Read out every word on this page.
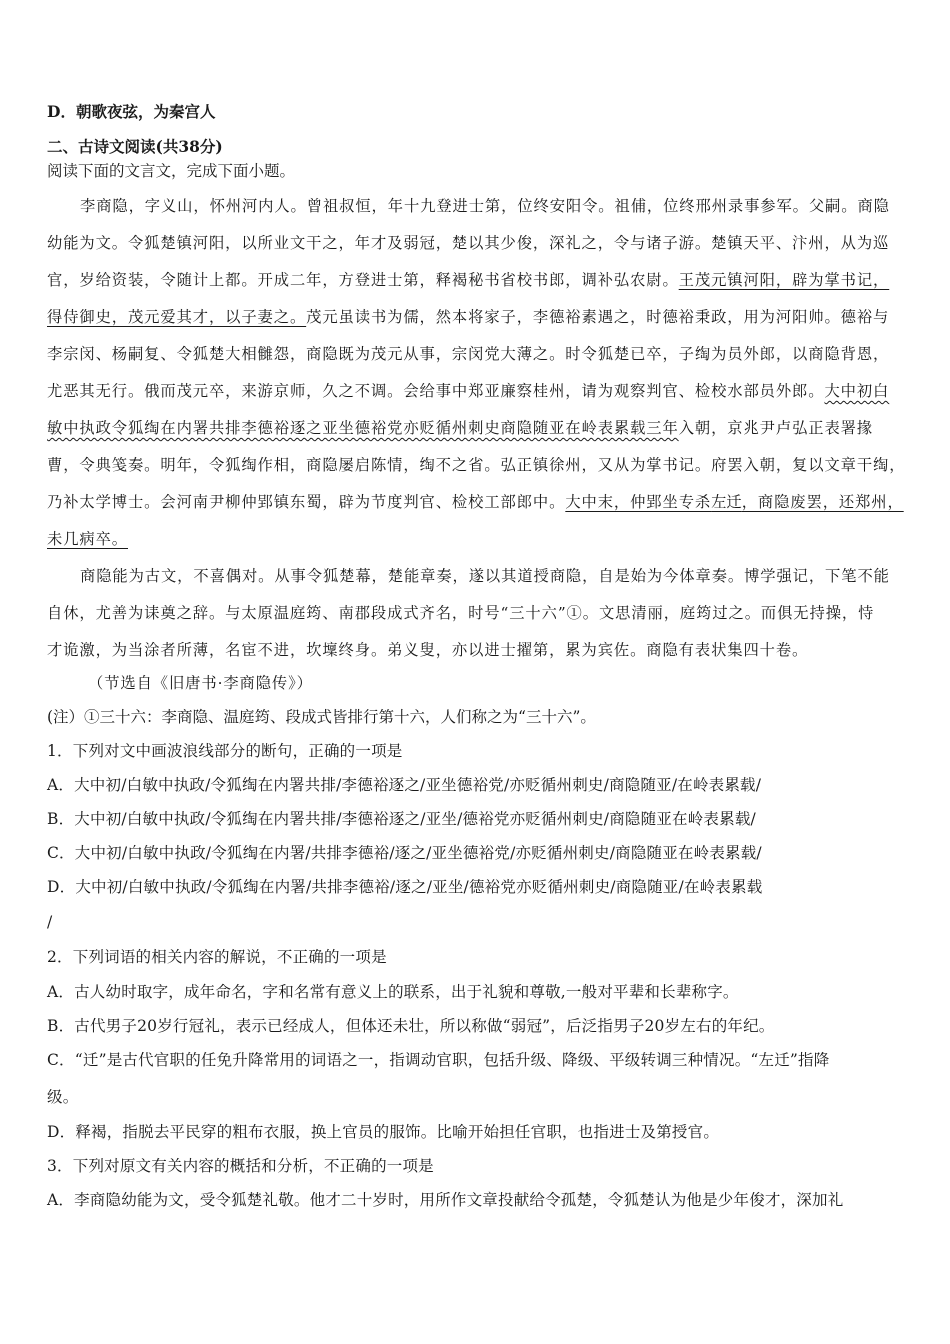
D．朝歌夜弦，为秦宫人
二、古诗文阅读(共38分)
阅读下面的文言文，完成下面小题。
李商隐，字义山，怀州河内人。曾祖叔恒，年十九登进士第，位终安阳令。祖俌，位终邢州录事参军。父嗣。商隐
幼能为文。令狐楚镇河阳，以所业文干之，年才及弱冠，楚以其少俊，深礼之，令与诸子游。楚镇天平、汴州，从为巡
官，岁给资装，令随计上都。开成二年，方登进士第，释褐秘书省校书郎，调补弘农尉。王茂元镇河阳，辟为掌书记，
得侍御史，茂元爱其才，以子妻之。茂元虽读书为儒，然本将家子，李德裕素遇之，时德裕秉政，用为河阳帅。德裕与
李宗闵、杨嗣复、令狐楚大相雠怨，商隐既为茂元从事，宗闵党大薄之。时令狐楚已卒，子绹为员外郎，以商隐背恩，
尤恶其无行。俄而茂元卒，来游京师，久之不调。会给事中郑亚廉察桂州，请为观察判官、检校水部员外郎。大中初白
敏中执政令狐绹在内署共排李德裕逐之亚坐德裕党亦贬循州刺史商隐随亚在岭表累载三年入朝，京兆尹卢弘正表署掾
曹，令典笺奏。明年，令狐绹作相，商隐屡启陈情，绹不之省。弘正镇徐州，又从为掌书记。府罢入朝，复以文章干绹，
乃补太学博士。会河南尹柳仲郢镇东蜀，辟为节度判官、检校工部郎中。大中末，仲郢坐专杀左迁，商隐废罢，还郑州，
未几病卒。
商隐能为古文，不喜偶对。从事令狐楚幕，楚能章奏，遂以其道授商隐，自是始为今体章奏。博学强记，下笔不能
自休，尤善为诔奠之辞。与太原温庭筠、南郡段成式齐名，时号“三十六”①。文思清丽，庭筠过之。而俱无持操，恃
才诡激，为当涂者所薄，名宦不进，坎壈终身。弟义叟，亦以进士擢第，累为宾佐。商隐有表状集四十卷。
（节选自《旧唐书·李商隐传》）
(注）①三十六：李商隐、温庭筠、段成式皆排行第十六，人们称之为“三十六”。
1．下列对文中画波浪线部分的断句，正确的一项是
A．大中初/白敏中执政/令狐绹在内署共排/李德裕逐之/亚坐德裕党/亦贬循州刺史/商隐随亚/在岭表累载/
B．大中初/白敏中执政/令狐绹在内署共排/李德裕逐之/亚坐/德裕党亦贬循州刺史/商隐随亚在岭表累载/
C．大中初/白敏中执政/令狐绹在内署/共排李德裕/逐之/亚坐德裕党/亦贬循州刺史/商隐随亚在岭表累载/
D．大中初/白敏中执政/令狐绹在内署/共排李德裕/逐之/亚坐/德裕党亦贬循州刺史/商隐随亚/在岭表累载
/
2．下列词语的相关内容的解说，不正确的一项是
A．古人幼时取字，成年命名，字和名常有意义上的联系，出于礼貌和尊敬,一般对平辈和长辈称字。
B．古代男子20岁行冠礼，表示已经成人，但体还未壮，所以称做“弱冠”，后泛指男子20岁左右的年纪。
C．“迁”是古代官职的任免升降常用的词语之一，指调动官职，包括升级、降级、平级转调三种情况。“左迁”指降
级。
D．释褐，指脱去平民穿的粗布衣服，换上官员的服饰。比喻开始担任官职，也指进士及第授官。
3．下列对原文有关内容的概括和分析，不正确的一项是
A．李商隐幼能为文，受令狐楚礼敬。他才二十岁时，用所作文章投献给令孤楚，令狐楚认为他是少年俊才，深加礼
